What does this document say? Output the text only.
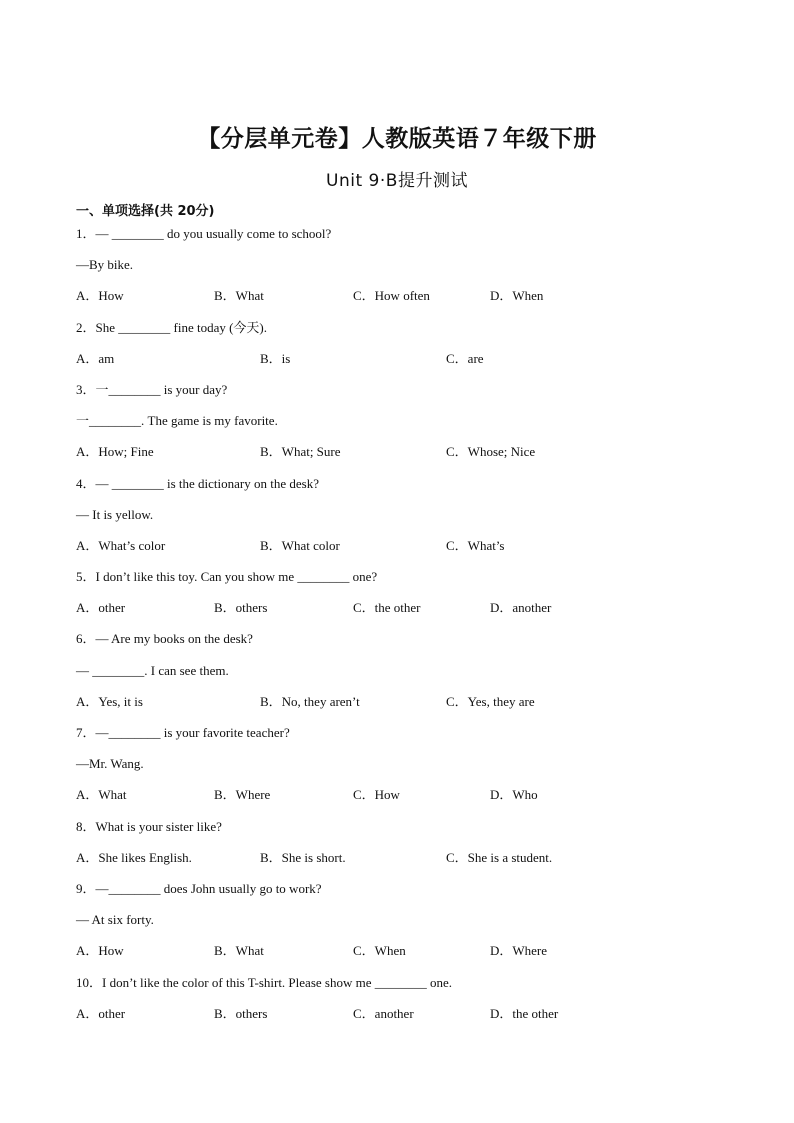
【分层单元卷】人教版英语７年级下册
Unit 9·B提升测试
一、单项选择(共 20分)
1．— ________ do you usually come to school?
—By bike.
A．How	B．What	C．How often	D．When
2．She ________ fine today (今天).
A．am	B．is	C．are
3．一________ is your day?
一________. The game is my favorite.
A．How; Fine	B．What; Sure	C．Whose; Nice
4．— ________ is the dictionary on the desk?
— It is yellow.
A．What’s color	B．What color	C．What’s
5．I don’t like this toy. Can you show me ________ one?
A．other	B．others	C．the other	D．another
6．— Are my books on the desk?
— ________. I can see them.
A．Yes, it is	B．No, they aren’t	C．Yes, they are
7．—________ is your favorite teacher?
—Mr. Wang.
A．What	B．Where	C．How	D．Who
8．What is your sister like?
A．She likes English.	B．She is short.	C．She is a student.
9．—________ does John usually go to work?
— At six forty.
A．How	B．What	C．When	D．Where
10．I don’t like the color of this T-shirt. Please show me ________ one.
A．other	B．others	C．another	D．the other
